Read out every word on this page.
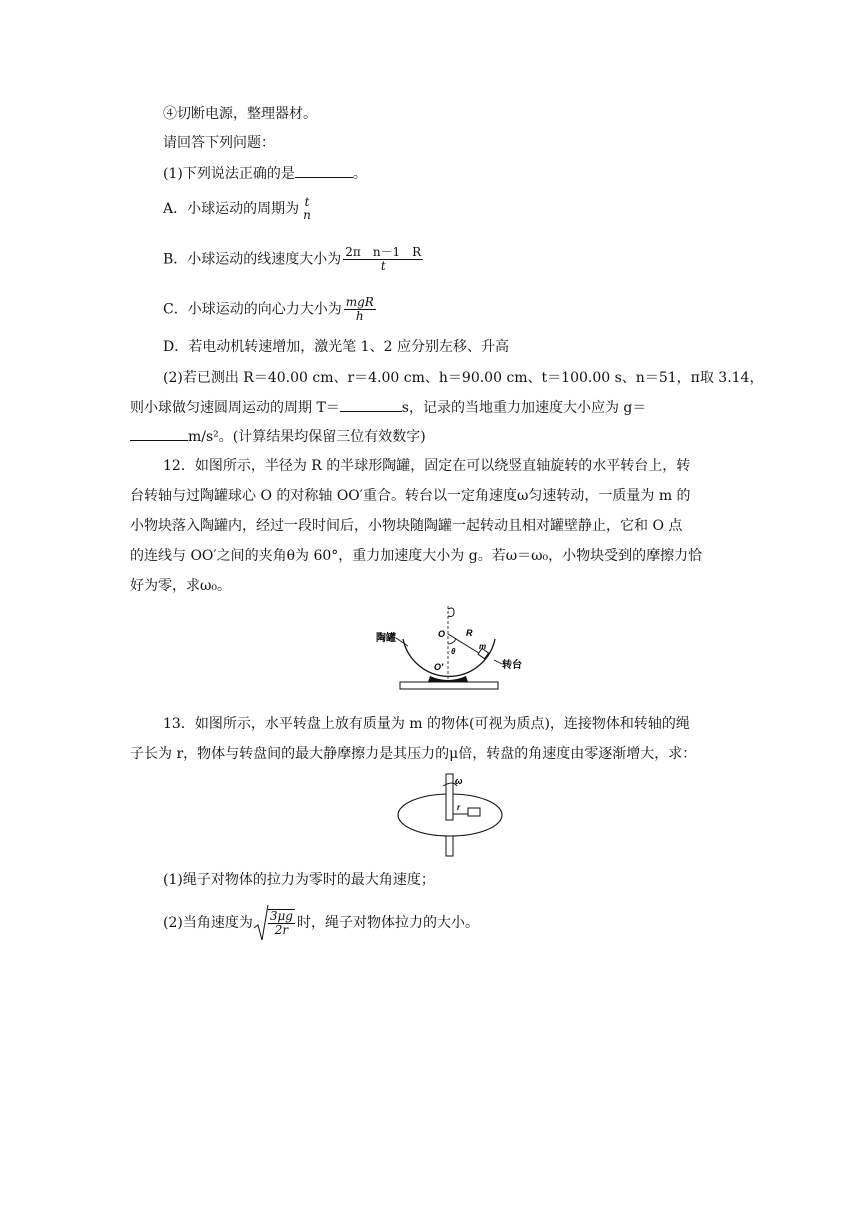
④切断电源，整理器材。
请回答下列问题：
(1)下列说法正确的是	。
A．小球运动的周期为 t
n
B．小球运动的线速度大小为 $\frac{\text{2π　n－1　R}}{t}$
C．小球运动的向心力大小为 $\frac{\text{mgR}}{h}$
D．若电动机转速增加，激光笔 1、2 应分别左移、升高
(2)若已测出 R＝40.00 cm、r＝4.00 cm、h＝90.00 cm、t＝100.00 s、n＝51，π取 3.14，
则小球做匀速圆周运动的周期 T＝	s，记录的当地重力加速度大小应为 g＝
m/s²。(计算结果均保留三位有效数字)
12．如图所示，半径为 R 的半球形陶罐，固定在可以绕竖直轴旋转的水平转台上，转
台转轴与过陶罐球心 O 的对称轴 OO′重合。转台以一定角速度ω匀速转动，一质量为 m 的
小物块落入陶罐内，经过一段时间后，小物块随陶罐一起转动且相对罐壁静止，它和 O 点
的连线与 OO′之间的夹角θ为 60°，重力加速度大小为 g。若ω＝ω₀，小物块受到的摩擦力恰
好为零，求ω₀。
陶罐
转台
O
O′
R
m
θ
13．如图所示，水平转盘上放有质量为 m 的物体(可视为质点)，连接物体和转轴的绳
子长为 r，物体与转盘间的最大静摩擦力是其压力的μ倍，转盘的角速度由零逐渐增大，求：
ω
r
(1)绳子对物体的拉力为零时的最大角速度；
(2)当角速度为 $\frac{3\mu g}{2r}$ 时，绳子对物体拉力的大小。
